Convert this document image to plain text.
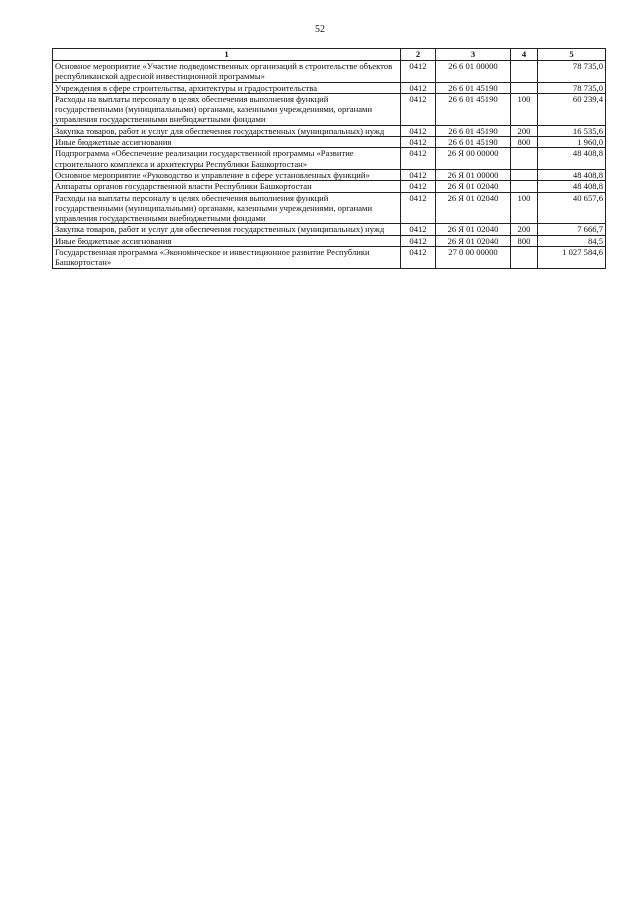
52
1	2	3	4	5
Основное мероприятие «Участие подведомственных организаций в строительстве объектов республиканской адресной инвестиционной программы»	0412	26 6 01 00000		78 735,0
Учреждения в сфере строительства, архитектуры и градостроительства	0412	26 6 01 45190		78 735,0
Расходы на выплаты персоналу в целях обеспечения выполнения функций государственными (муниципальными) органами, казенными учреждениями, органами управления государственными внебюджетными фондами	0412	26 6 01 45190	100	60 239,4
Закупка товаров, работ и услуг для обеспечения государственных (муниципальных) нужд	0412	26 6 01 45190	200	16 535,6
Иные бюджетные ассигнования	0412	26 6 01 45190	800	1 960,0
Подпрограмма «Обеспечение реализации государственной программы «Развитие строительного комплекса и архитектуры Республики Башкортостан»	0412	26 Я 00 00000		48 408,8
Основное мероприятие «Руководство и управление в сфере установленных функций»	0412	26 Я 01 00000		48 408,8
Аппараты органов государственной власти Республики Башкортостан	0412	26 Я 01 02040		48 408,8
Расходы на выплаты персоналу в целях обеспечения выполнения функций государственными (муниципальными) органами, казенными учреждениями, органами управления государственными внебюджетными фондами	0412	26 Я 01 02040	100	40 657,6
Закупка товаров, работ и услуг для обеспечения государственных (муниципальных) нужд	0412	26 Я 01 02040	200	7 666,7
Иные бюджетные ассигнования	0412	26 Я 01 02040	800	84,5
Государственная программа «Экономическое и инвестиционное развитие Республики Башкортостан»	0412	27 0 00 00000		1 027 584,6
